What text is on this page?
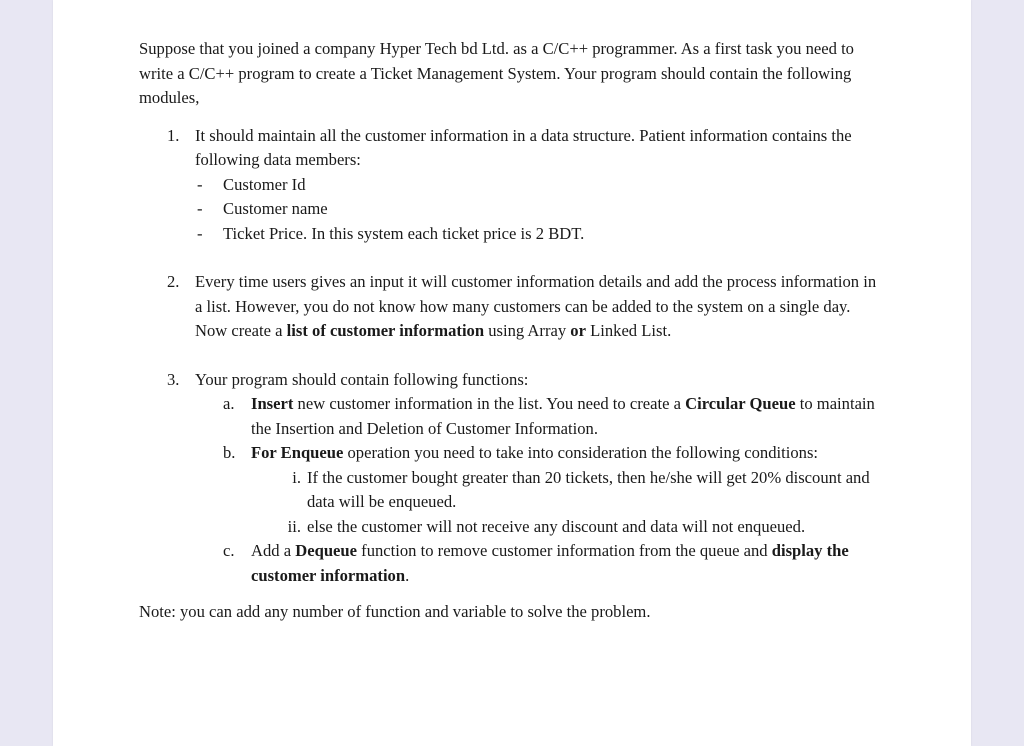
Suppose that you joined a company Hyper Tech bd Ltd. as a C/C++ programmer. As a first task you need to write a C/C++ program to create a Ticket Management System. Your program should contain the following modules,

1. It should maintain all the customer information in a data structure. Patient information contains the following data members:
- Customer Id
- Customer name
- Ticket Price. In this system each ticket price is 2 BDT.
2. Every time users gives an input it will customer information details and add the process information in a list. However, you do not know how many customers can be added to the system on a single day. Now create a list of customer information using Array or Linked List.
3. Your program should contain following functions:
a. Insert new customer information in the list. You need to create a Circular Queue to maintain the Insertion and Deletion of Customer Information.
b. For Enqueue operation you need to take into consideration the following conditions:
i. If the customer bought greater than 20 tickets, then he/she will get 20% discount and data will be enqueued.
ii. else the customer will not receive any discount and data will not enqueued.
c. Add a Dequeue function to remove customer information from the queue and display the customer information.

Note: you can add any number of function and variable to solve the problem.
